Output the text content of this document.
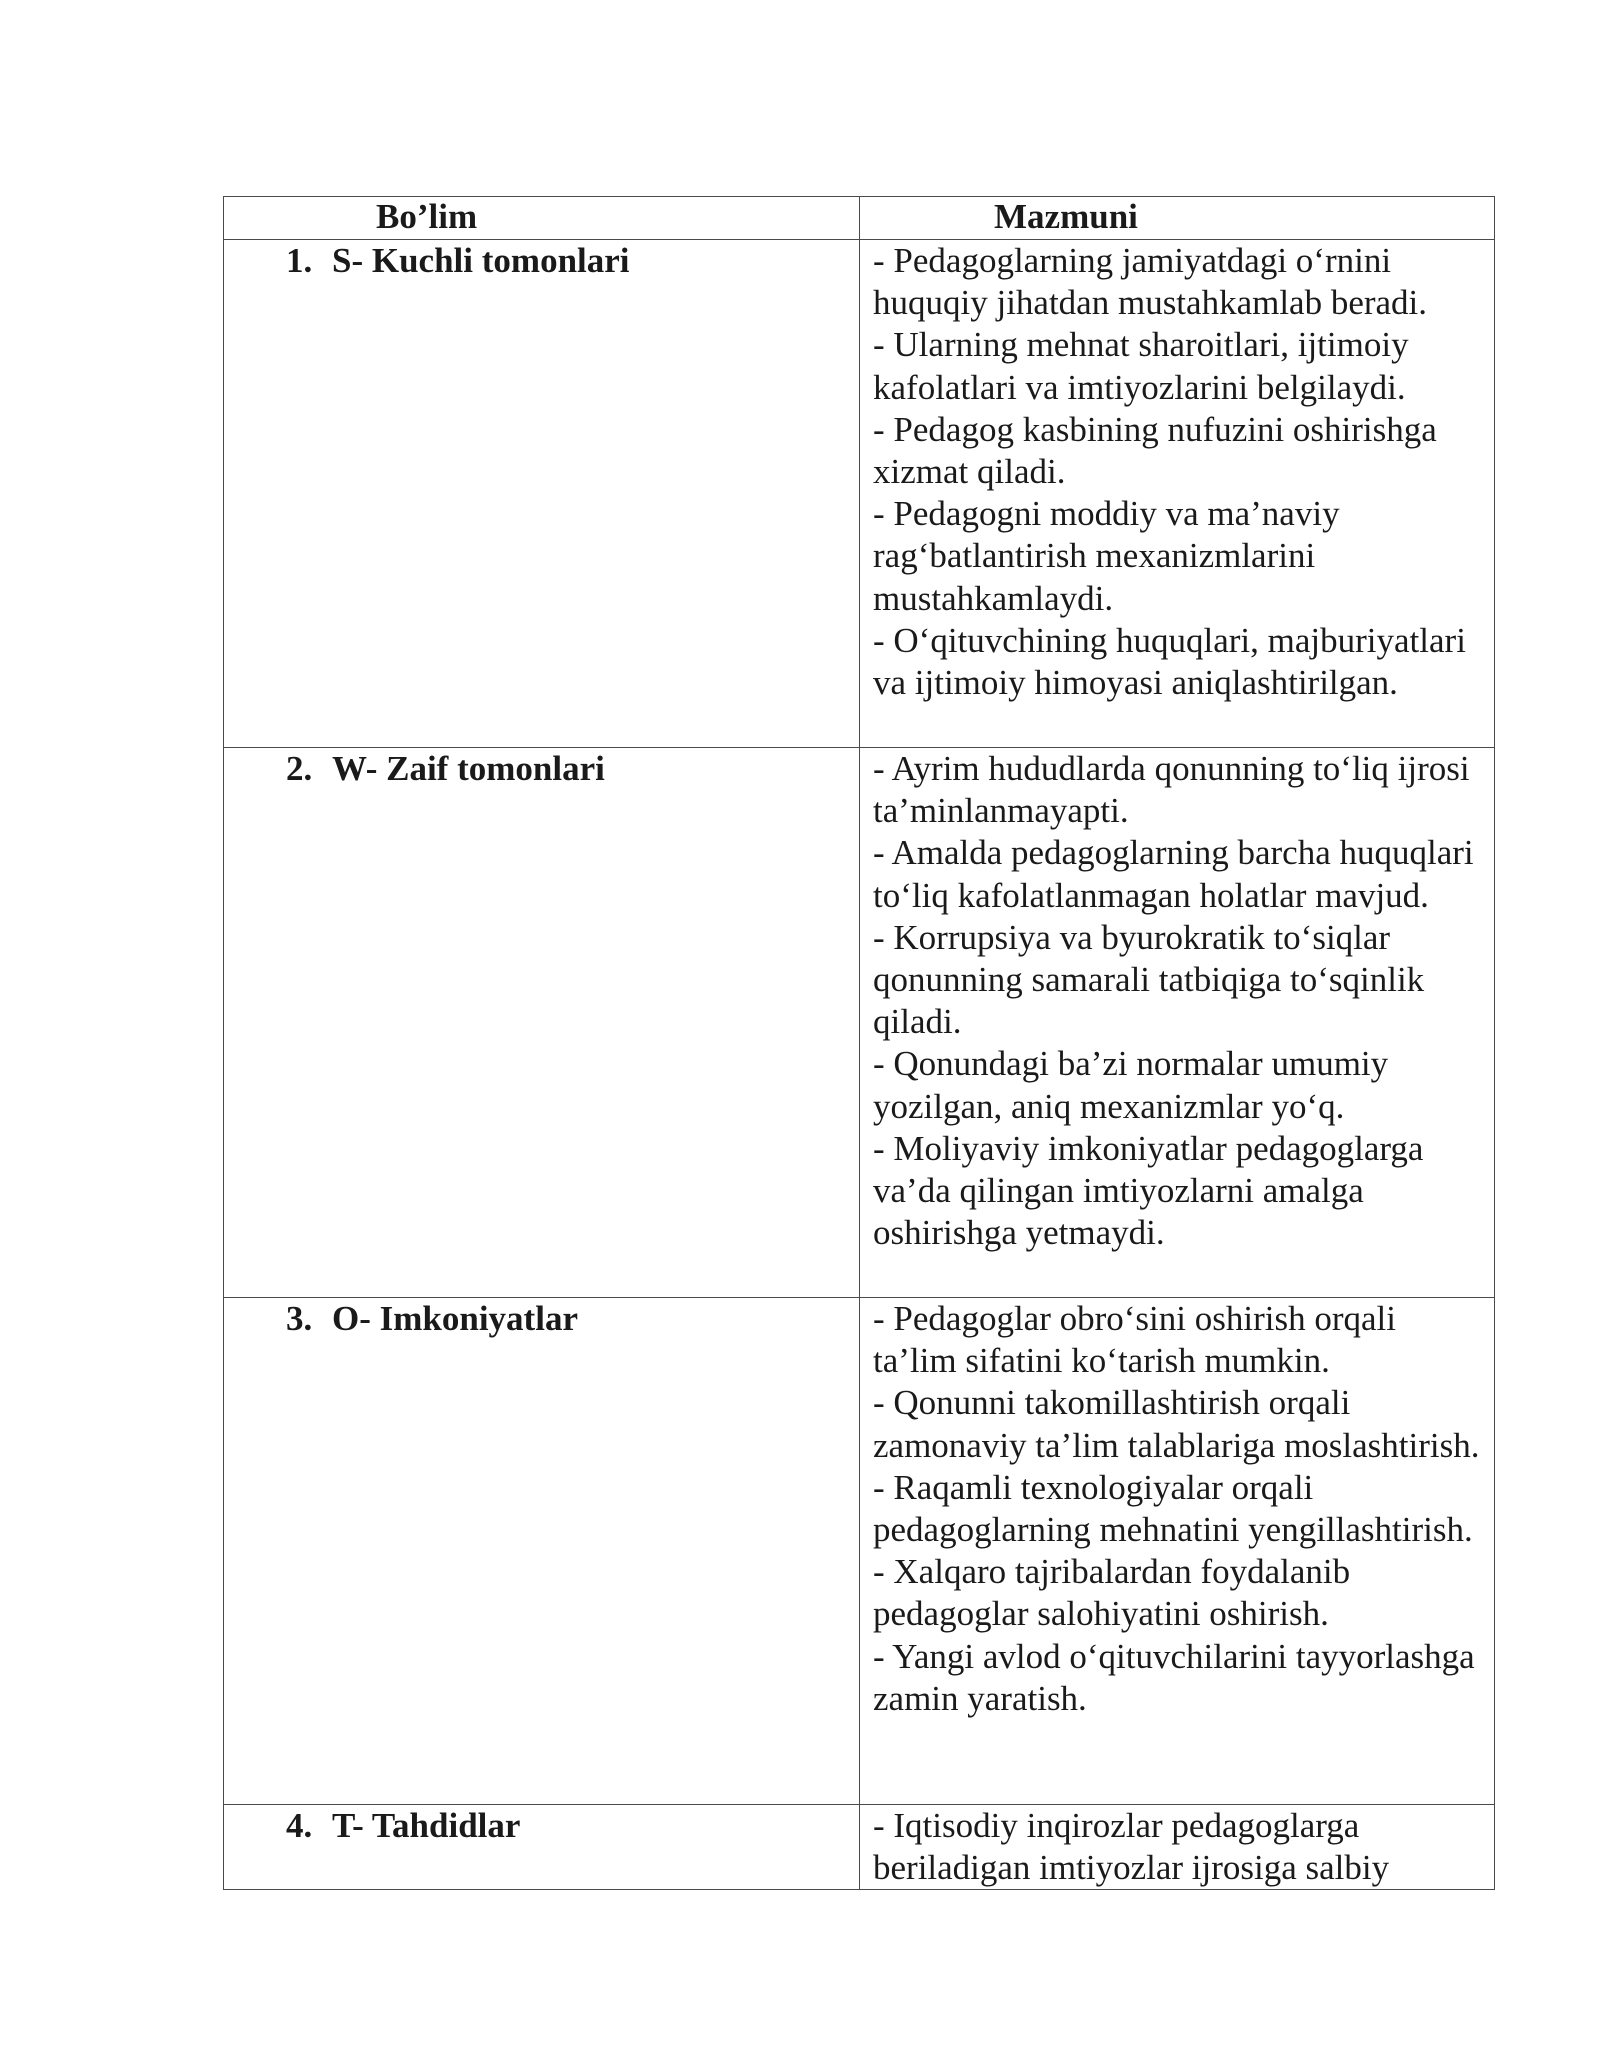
Bo’lim	Mazmuni
1. S- Kuchli tomonlari	- Pedagoglarning jamiyatdagi o‘rnini huquqiy jihatdan mustahkamlab beradi.
- Ularning mehnat sharoitlari, ijtimoiy kafolatlari va imtiyozlarini belgilaydi.
- Pedagog kasbining nufuzini oshirishga xizmat qiladi.
- Pedagogni moddiy va ma’naviy rag‘batlantirish mexanizmlarini mustahkamlaydi.
- O‘qituvchining huquqlari, majburiyatlari va ijtimoiy himoyasi aniqlashtirilgan.

2. W- Zaif tomonlari	- Ayrim hududlarda qonunning to‘liq ijrosi ta’minlanmayapti.
- Amalda pedagoglarning barcha huquqlari to‘liq kafolatlanmagan holatlar mavjud.
- Korrupsiya va byurokratik to‘siqlar qonunning samarali tatbiqiga to‘sqinlik qiladi.
- Qonundagi ba’zi normalar umumiy yozilgan, aniq mexanizmlar yo‘q.
- Moliyaviy imkoniyatlar pedagoglarga va’da qilingan imtiyozlarni amalga oshirishga yetmaydi.

3. O- Imkoniyatlar	- Pedagoglar obro‘sini oshirish orqali ta’lim sifatini ko‘tarish mumkin.
- Qonunni takomillashtirish orqali zamonaviy ta’lim talablariga moslashtirish.
- Raqamli texnologiyalar orqali pedagoglarning mehnatini yengillashtirish.
- Xalqaro tajribalardan foydalanib pedagoglar salohiyatini oshirish.
- Yangi avlod o‘qituvchilarini tayyorlashga zamin yaratish.

4. T- Tahdidlar	- Iqtisodiy inqirozlar pedagoglarga beriladigan imtiyozlar ijrosiga salbiy
